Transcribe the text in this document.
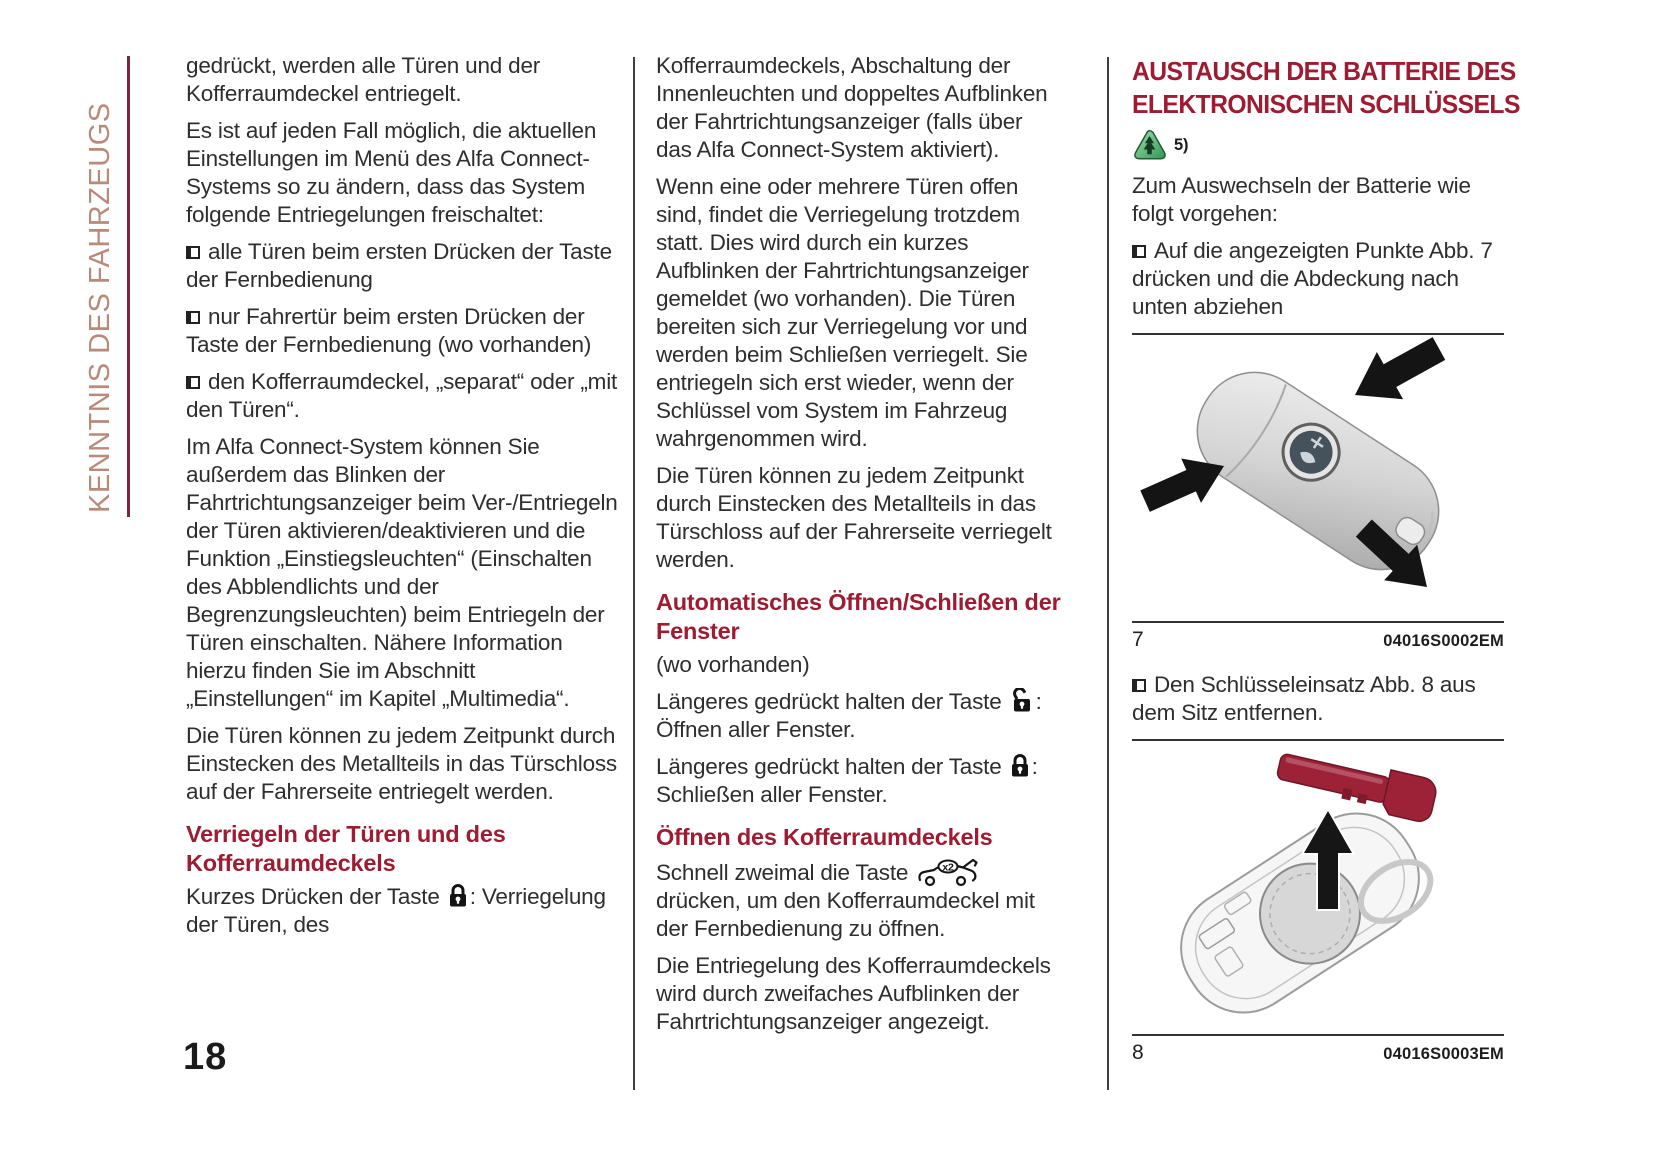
KENNTNIS DES FAHRZEUGS

gedrückt, werden alle Türen und der Kofferraumdeckel entriegelt.

Es ist auf jeden Fall möglich, die aktuellen Einstellungen im Menü des Alfa Connect-Systems so zu ändern, dass das System folgende Entriegelungen freischaltet:

alle Türen beim ersten Drücken der Taste der Fernbedienung

nur Fahrertür beim ersten Drücken der Taste der Fernbedienung (wo vorhanden)

den Kofferraumdeckel, „separat“ oder „mit den Türen“.

Im Alfa Connect-System können Sie außerdem das Blinken der Fahrtrichtungsanzeiger beim Ver-/Entriegeln der Türen aktivieren/deaktivieren und die Funktion „Einstiegsleuchten“ (Einschalten des Abblendlichts und der Begrenzungsleuchten) beim Entriegeln der Türen einschalten. Nähere Information hierzu finden Sie im Abschnitt „Einstellungen“ im Kapitel „Multimedia“.

Die Türen können zu jedem Zeitpunkt durch Einstecken des Metallteils in das Türschloss auf der Fahrerseite entriegelt werden.

Verriegeln der Türen und des Kofferraumdeckels

Kurzes Drücken der Taste : Verriegelung der Türen, des

Kofferraumdeckels, Abschaltung der Innenleuchten und doppeltes Aufblinken der Fahrtrichtungsanzeiger (falls über das Alfa Connect-System aktiviert).

Wenn eine oder mehrere Türen offen sind, findet die Verriegelung trotzdem statt. Dies wird durch ein kurzes Aufblinken der Fahrtrichtungsanzeiger gemeldet (wo vorhanden). Die Türen bereiten sich zur Verriegelung vor und werden beim Schließen verriegelt. Sie entriegeln sich erst wieder, wenn der Schlüssel vom System im Fahrzeug wahrgenommen wird.

Die Türen können zu jedem Zeitpunkt durch Einstecken des Metallteils in das Türschloss auf der Fahrerseite verriegelt werden.

Automatisches Öffnen/Schließen der Fenster

(wo vorhanden)

Längeres gedrückt halten der Taste : Öffnen aller Fenster.

Längeres gedrückt halten der Taste : Schließen aller Fenster.

Öffnen des Kofferraumdeckels

Schnell zweimal die Taste	x2
drücken, um den Kofferraumdeckel mit der Fernbedienung zu öffnen.

Die Entriegelung des Kofferraumdeckels wird durch zweifaches Aufblinken der Fahrtrichtungsanzeiger angezeigt.

AUSTAUSCH DER BATTERIE DES
ELEKTRONISCHEN SCHLÜSSELS
5)

Zum Auswechseln der Batterie wie folgt vorgehen:

Auf die angezeigten Punkte Abb. 7 drücken und die Abdeckung nach unten abziehen

7	04016S0002EM

Den Schlüsseleinsatz Abb. 8 aus dem Sitz entfernen.

8	04016S0003EM
18
